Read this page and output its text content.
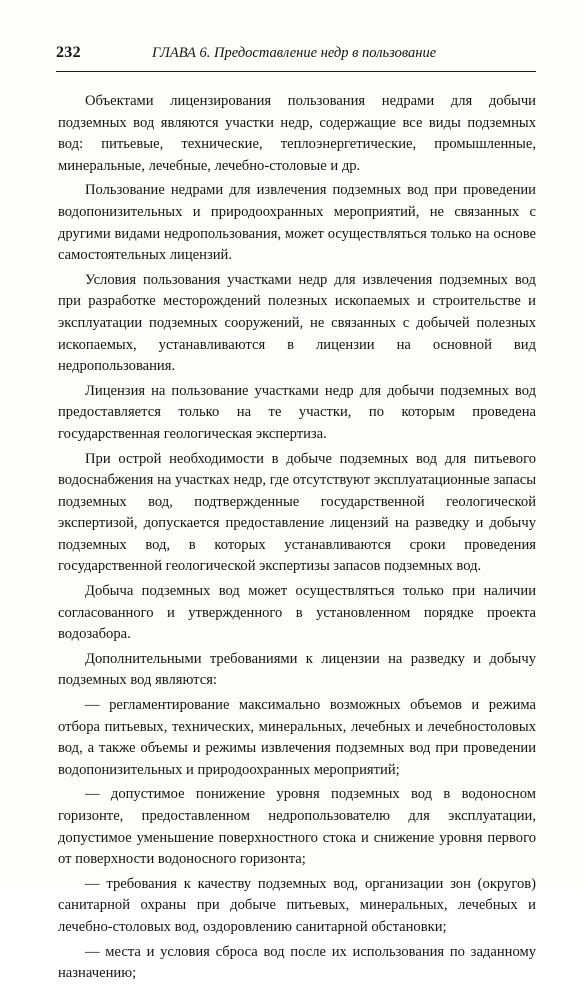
232	ГЛАВА 6. Предоставление недр в пользование

Объектами лицензирования пользования недрами для добычи подземных вод являются участки недр, содержащие все виды подземных вод: питьевые, технические, теплоэнергетические, промышленные, минеральные, лечебные, лечебно-столовые и др.

Пользование недрами для извлечения подземных вод при проведении водопонизительных и природоохранных мероприятий, не связанных с другими видами недропользования, может осуществляться только на основе самостоятельных лицензий.

Условия пользования участками недр для извлечения подземных вод при разработке месторождений полезных ископаемых и строительстве и эксплуатации подземных сооружений, не связанных с добычей полезных ископаемых, устанавливаются в лицензии на основной вид недропользования.

Лицензия на пользование участками недр для добычи подземных вод предоставляется только на те участки, по которым проведена государственная геологическая экспертиза.

При острой необходимости в добыче подземных вод для питьевого водоснабжения на участках недр, где отсутствуют эксплуатационные запасы подземных вод, подтвержденные государственной геологической экспертизой, допускается предоставление лицензий на разведку и добычу подземных вод, в которых устанавливаются сроки проведения государственной геологической экспертизы запасов подземных вод.

Добыча подземных вод может осуществляться только при наличии согласованного и утвержденного в установленном порядке проекта водозабора.

Дополнительными требованиями к лицензии на разведку и добычу подземных вод являются:

— регламентирование максимально возможных объемов и режима отбора питьевых, технических, минеральных, лечебных и лечебностоловых вод, а также объемы и режимы извлечения подземных вод при проведении водопонизительных и природоохранных мероприятий;

— допустимое понижение уровня подземных вод в водоносном горизонте, предоставленном недропользователю для эксплуатации, допустимое уменьшение поверхностного стока и снижение уровня первого от поверхности водоносного горизонта;

— требования к качеству подземных вод, организации зон (округов) санитарной охраны при добыче питьевых, минеральных, лечебных и лечебно-столовых вод, оздоровлению санитарной обстановки;

— места и условия сброса вод после их использования по заданному назначению;
